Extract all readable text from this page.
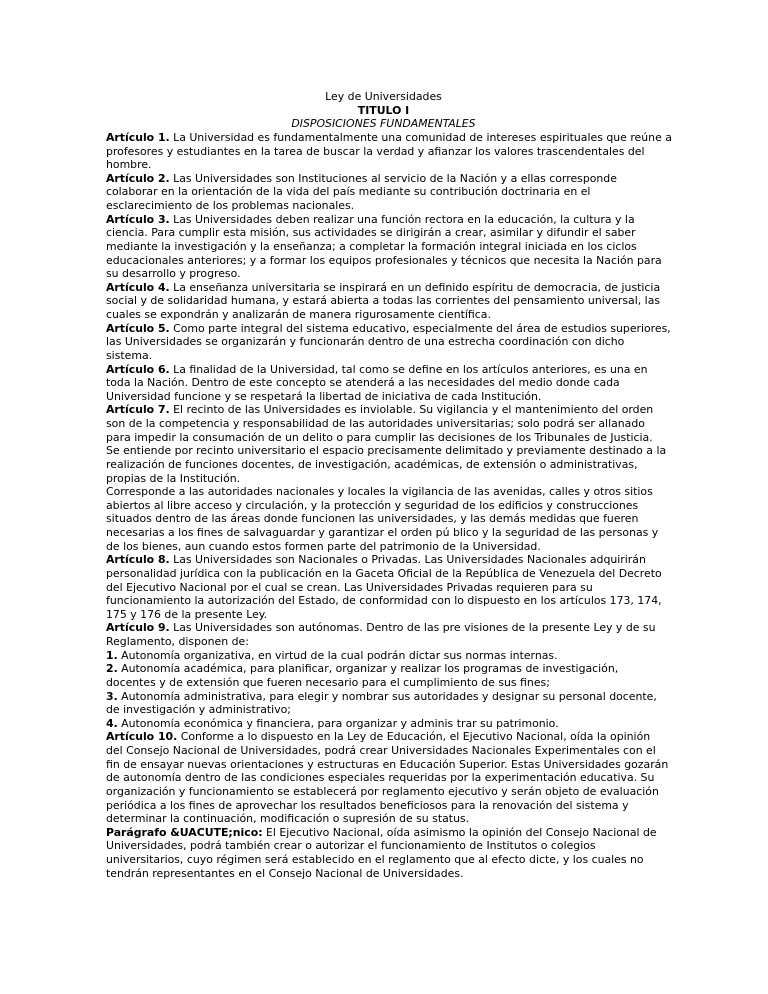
Ley de Universidades
TITULO I
DISPOSICIONES FUNDAMENTALES
Artículo 1. La Universidad es fundamentalmente una comunidad de intereses espirituales que reúne a
profesores y estudiantes en la tarea de buscar la verdad y afianzar los valores trascendentales del
hombre.
Artículo 2. Las Universidades son Instituciones al servicio de la Nación y a ellas corresponde
colaborar en la orientación de la vida del país mediante su contribución doctrinaria en el
esclarecimiento de los problemas nacionales.
Artículo 3. Las Universidades deben realizar una función rectora en la educación, la cultura y la
ciencia. Para cumplir esta misión, sus actividades se dirigirán a crear, asimilar y difundir el saber
mediante la investigación y la enseñanza; a completar la formación integral iniciada en los ciclos
educacionales anteriores; y a formar los equipos profesionales y técnicos que necesita la Nación para
su desarrollo y progreso.
Artículo 4. La enseñanza universitaria se inspirará en un definido espíritu de democracia, de justicia
social y de solidaridad humana, y estará abierta a todas las corrientes del pensamiento universal, las
cuales se expondrán y analizarán de manera rigurosamente científica.
Artículo 5. Como parte integral del sistema educativo, especialmente del área de estudios superiores,
las Universidades se organizarán y funcionarán dentro de una estrecha coordinación con dicho
sistema.
Artículo 6. La finalidad de la Universidad, tal como se define en los artículos anteriores, es una en
toda la Nación. Dentro de este concepto se atenderá a las necesidades del medio donde cada
Universidad funcione y se respetará la libertad de iniciativa de cada Institución.
Artículo 7. El recinto de las Universidades es inviolable. Su vigilancia y el mantenimiento del orden
son de la competencia y responsabilidad de las autoridades universitarias; solo podrá ser allanado
para impedir la consumación de un delito o para cumplir las decisiones de los Tribunales de Justicia.
Se entiende por recinto universitario el espacio precisamente delimitado y previamente destinado a la
realización de funciones docentes, de investigación, académicas, de extensión o administrativas,
propias de la Institución.
Corresponde a las autoridades nacionales y locales la vigilancia de las avenidas, calles y otros sitios
abiertos al libre acceso y circulación, y la protección y seguridad de los edificios y construcciones
situados dentro de las áreas donde funcionen las universidades, y las demás medidas que fueren
necesarias a los fines de salvaguardar y garantizar el orden pú blico y la seguridad de las personas y
de los bienes, aun cuando estos formen parte del patrimonio de la Universidad.
Artículo 8. Las Universidades son Nacionales o Privadas. Las Universidades Nacionales adquirirán
personalidad jurídica con la publicación en la Gaceta Oficial de la República de Venezuela del Decreto
del Ejecutivo Nacional por el cual se crean. Las Universidades Privadas requieren para su
funcionamiento la autorización del Estado, de conformidad con lo dispuesto en los artículos 173, 174,
175 y 176 de la presente Ley.
Artículo 9. Las Universidades son autónomas. Dentro de las pre visiones de la presente Ley y de su
Reglamento, disponen de:
1. Autonomía organizativa, en virtud de la cual podrán dictar sus normas internas.
2. Autonomía académica, para planificar, organizar y realizar los programas de investigación,
docentes y de extensión que fueren necesario para el cumplimiento de sus fines;
3. Autonomía administrativa, para elegir y nombrar sus autoridades y designar su personal docente,
de investigación y administrativo;
4. Autonomía económica y financiera, para organizar y adminis trar su patrimonio.
Artículo 10. Conforme a lo dispuesto en la Ley de Educación, el Ejecutivo Nacional, oída la opinión
del Consejo Nacional de Universidades, podrá crear Universidades Nacionales Experimentales con el
fin de ensayar nuevas orientaciones y estructuras en Educación Superior. Estas Universidades gozarán
de autonomía dentro de las condiciones especiales requeridas por la experimentación educativa. Su
organización y funcionamiento se establecerá por reglamento ejecutivo y serán objeto de evaluación
periódica a los fines de aprovechar los resultados beneficiosos para la renovación del sistema y
determinar la continuación, modificación o supresión de su status.
Parágrafo &UACUTE;nico: El Ejecutivo Nacional, oída asimismo la opinión del Consejo Nacional de
Universidades, podrá también crear o autorizar el funcionamiento de Institutos o colegios
universitarios, cuyo régimen será establecido en el reglamento que al efecto dicte, y los cuales no
tendrán representantes en el Consejo Nacional de Universidades.
